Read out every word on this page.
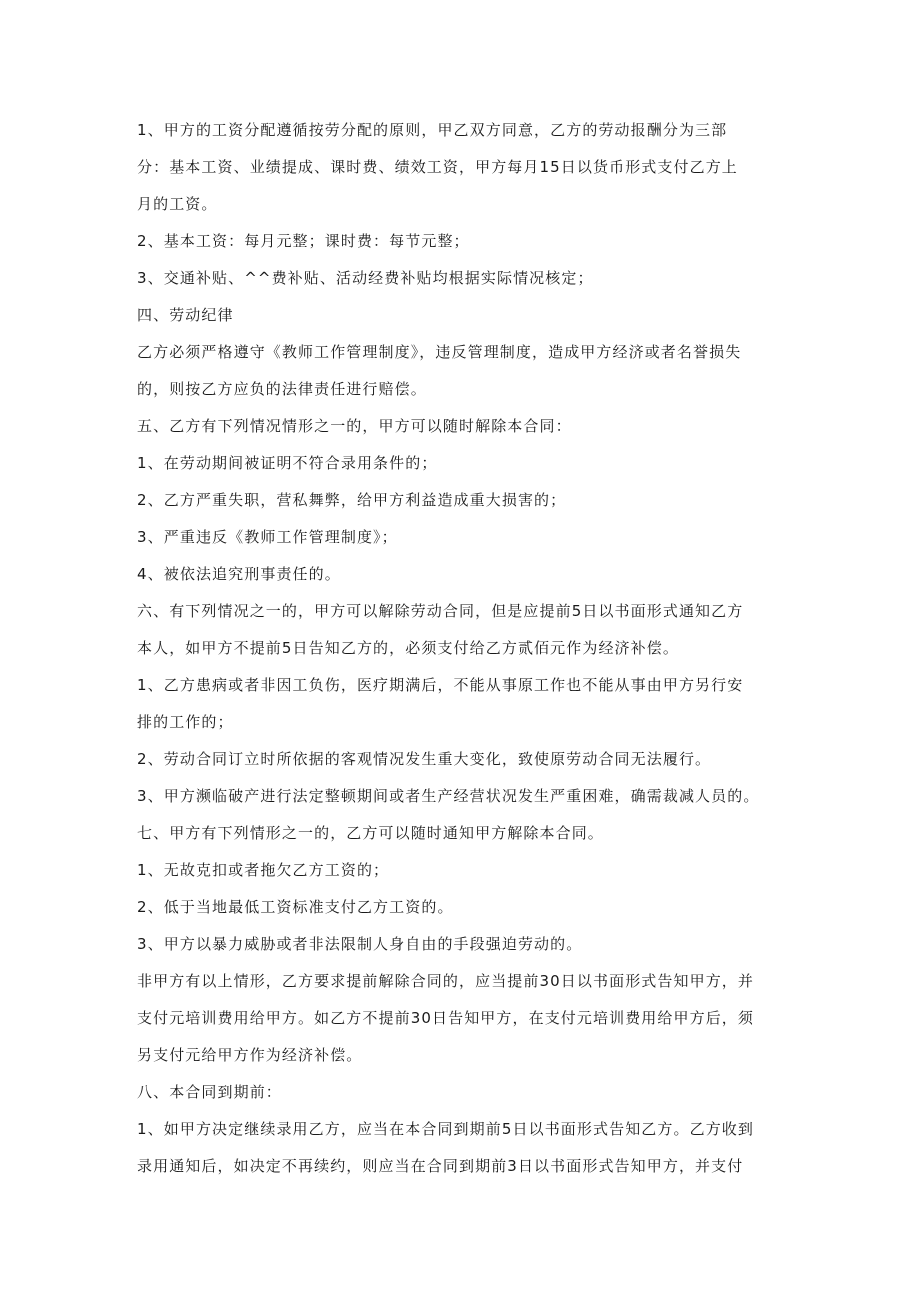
1、甲方的工资分配遵循按劳分配的原则，甲乙双方同意，乙方的劳动报酬分为三部
分：基本工资、业绩提成、课时费、绩效工资，甲方每月15日以货币形式支付乙方上
月的工资。
2、基本工资：每月元整；课时费：每节元整；
3、交通补贴、^^费补贴、活动经费补贴均根据实际情况核定；
四、劳动纪律
乙方必须严格遵守《教师工作管理制度》，违反管理制度，造成甲方经济或者名誉损失
的，则按乙方应负的法律责任进行赔偿。
五、乙方有下列情况情形之一的，甲方可以随时解除本合同：
1、在劳动期间被证明不符合录用条件的；
2、乙方严重失职，营私舞弊，给甲方利益造成重大损害的；
3、严重违反《教师工作管理制度》；
4、被依法追究刑事责任的。
六、有下列情况之一的，甲方可以解除劳动合同，但是应提前5日以书面形式通知乙方
本人，如甲方不提前5日告知乙方的，必须支付给乙方贰佰元作为经济补偿。
1、乙方患病或者非因工负伤，医疗期满后，不能从事原工作也不能从事由甲方另行安
排的工作的；
2、劳动合同订立时所依据的客观情况发生重大变化，致使原劳动合同无法履行。
3、甲方濒临破产进行法定整顿期间或者生产经营状况发生严重困难，确需裁减人员的。
七、甲方有下列情形之一的，乙方可以随时通知甲方解除本合同。
1、无故克扣或者拖欠乙方工资的；
2、低于当地最低工资标准支付乙方工资的。
3、甲方以暴力威胁或者非法限制人身自由的手段强迫劳动的。
非甲方有以上情形，乙方要求提前解除合同的，应当提前30日以书面形式告知甲方，并
支付元培训费用给甲方。如乙方不提前30日告知甲方，在支付元培训费用给甲方后，须
另支付元给甲方作为经济补偿。
八、本合同到期前：
1、如甲方决定继续录用乙方，应当在本合同到期前5日以书面形式告知乙方。乙方收到
录用通知后，如决定不再续约，则应当在合同到期前3日以书面形式告知甲方，并支付
